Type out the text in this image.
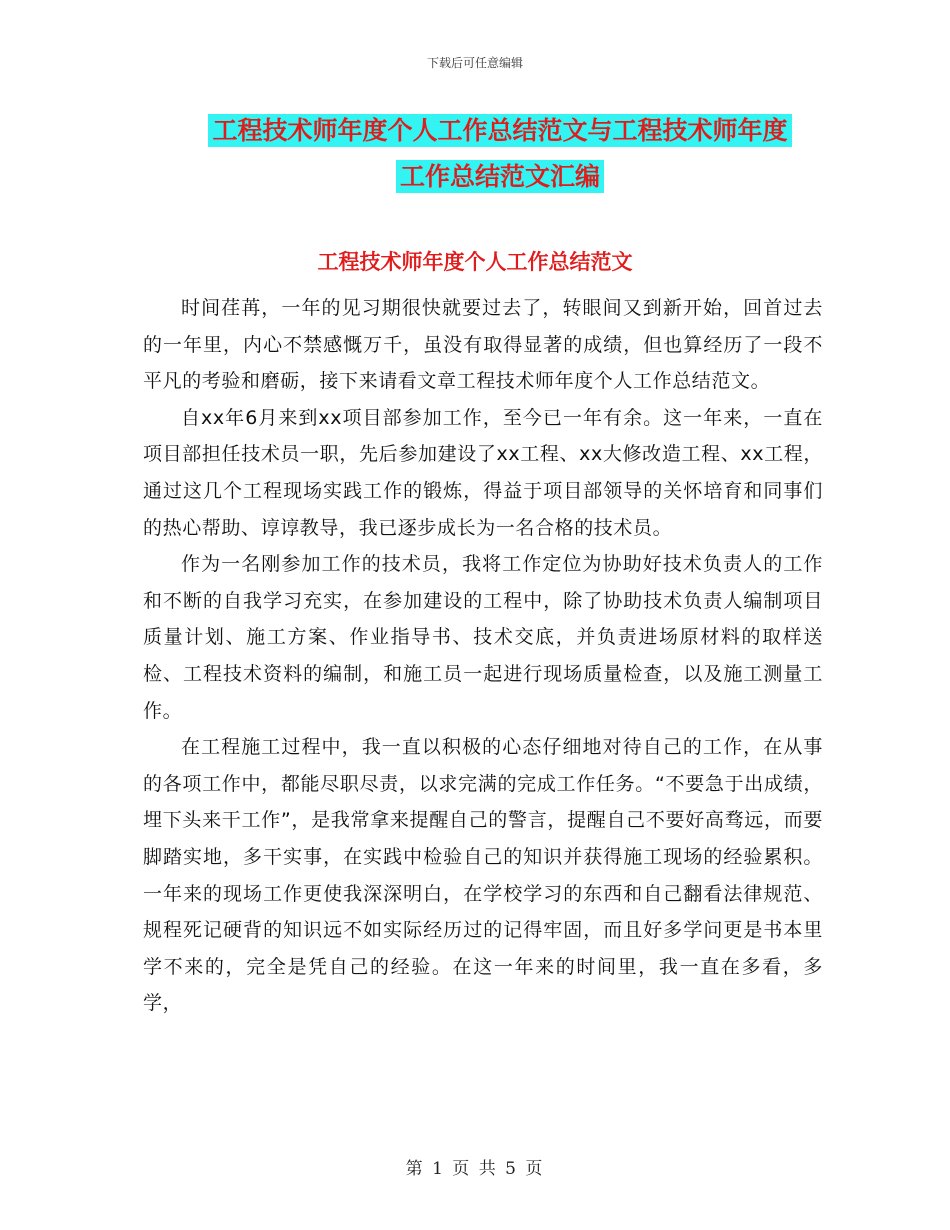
下载后可任意编辑
工程技术师年度个人工作总结范文与工程技术师年度
工作总结范文汇编
工程技术师年度个人工作总结范文

时间荏苒，一年的见习期很快就要过去了，转眼间又到新开始，回首过去的一年里，内心不禁感慨万千，虽没有取得显著的成绩，但也算经历了一段不平凡的考验和磨砺，接下来请看文章工程技术师年度个人工作总结范文。

自xx年6月来到xx项目部参加工作，至今已一年有余。这一年来，一直在项目部担任技术员一职，先后参加建设了xx工程、xx大修改造工程、xx工程，通过这几个工程现场实践工作的锻炼，得益于项目部领导的关怀培育和同事们的热心帮助、谆谆教导，我已逐步成长为一名合格的技术员。

作为一名刚参加工作的技术员，我将工作定位为协助好技术负责人的工作和不断的自我学习充实，在参加建设的工程中，除了协助技术负责人编制项目质量计划、施工方案、作业指导书、技术交底，并负责进场原材料的取样送检、工程技术资料的编制，和施工员一起进行现场质量检查，以及施工测量工作。

在工程施工过程中，我一直以积极的心态仔细地对待自己的工作，在从事的各项工作中，都能尽职尽责，以求完满的完成工作任务。“不要急于出成绩，埋下头来干工作”，是我常拿来提醒自己的警言，提醒自己不要好高骛远，而要脚踏实地，多干实事，在实践中检验自己的知识并获得施工现场的经验累积。一年来的现场工作更使我深深明白，在学校学习的东西和自己翻看法律规范、规程死记硬背的知识远不如实际经历过的记得牢固，而且好多学问更是书本里学不来的，完全是凭自己的经验。在这一年来的时间里，我一直在多看，多学，

第 1 页 共 5 页
